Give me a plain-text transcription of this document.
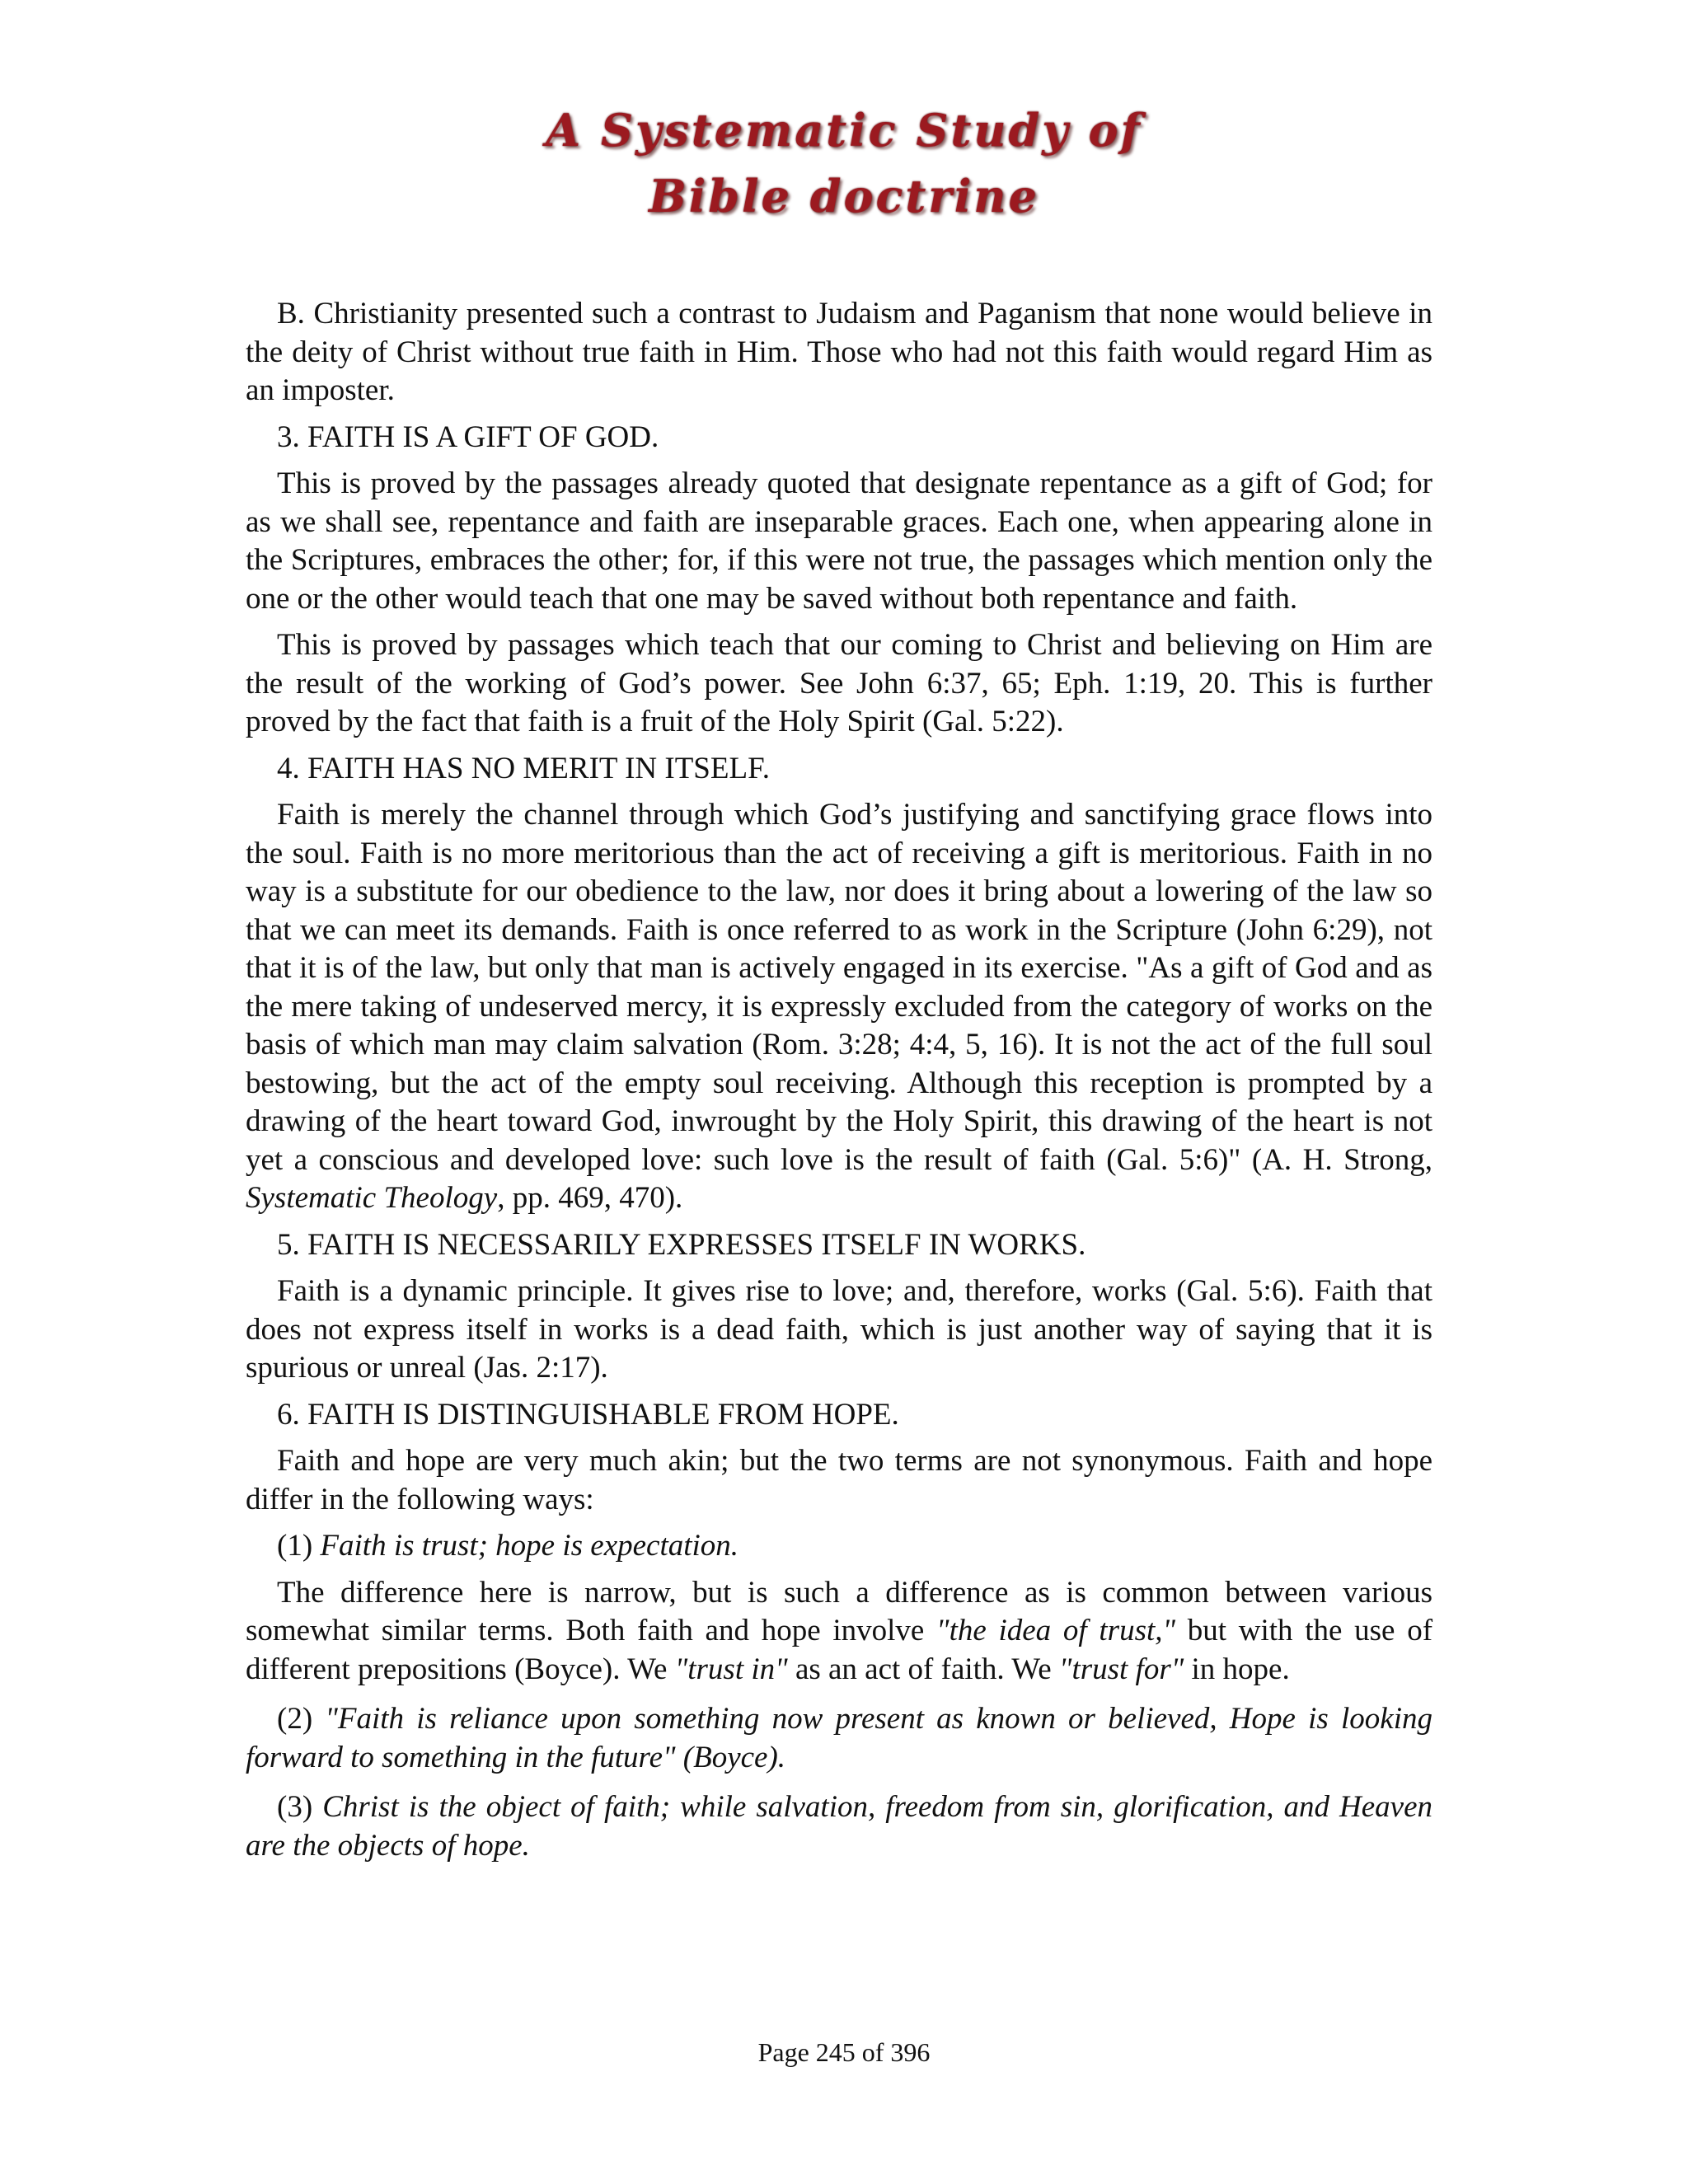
A Systematic Study of
Bible doctrine

B. Christianity presented such a contrast to Judaism and Paganism that none would believe in the deity of Christ without true faith in Him. Those who had not this faith would regard Him as an imposter.

3. FAITH IS A GIFT OF GOD.

This is proved by the passages already quoted that designate repentance as a gift of God; for as we shall see, repentance and faith are inseparable graces. Each one, when appearing alone in the Scriptures, embraces the other; for, if this were not true, the passages which mention only the one or the other would teach that one may be saved without both repentance and faith.

This is proved by passages which teach that our coming to Christ and believing on Him are the result of the working of God’s power. See John 6:37, 65; Eph. 1:19, 20. This is further proved by the fact that faith is a fruit of the Holy Spirit (Gal. 5:22).

4. FAITH HAS NO MERIT IN ITSELF.

Faith is merely the channel through which God’s justifying and sanctifying grace flows into the soul. Faith is no more meritorious than the act of receiving a gift is meritorious. Faith in no way is a substitute for our obedience to the law, nor does it bring about a lowering of the law so that we can meet its demands. Faith is once referred to as work in the Scripture (John 6:29), not that it is of the law, but only that man is actively engaged in its exercise. "As a gift of God and as the mere taking of undeserved mercy, it is expressly excluded from the category of works on the basis of which man may claim salvation (Rom. 3:28; 4:4, 5, 16). It is not the act of the full soul bestowing, but the act of the empty soul receiving. Although this reception is prompted by a drawing of the heart toward God, inwrought by the Holy Spirit, this drawing of the heart is not yet a conscious and developed love: such love is the result of faith (Gal. 5:6)" (A. H. Strong, Systematic Theology, pp. 469, 470).

5. FAITH IS NECESSARILY EXPRESSES ITSELF IN WORKS.

Faith is a dynamic principle. It gives rise to love; and, therefore, works (Gal. 5:6). Faith that does not express itself in works is a dead faith, which is just another way of saying that it is spurious or unreal (Jas. 2:17).

6. FAITH IS DISTINGUISHABLE FROM HOPE.

Faith and hope are very much akin; but the two terms are not synonymous. Faith and hope differ in the following ways:

(1) Faith is trust; hope is expectation.

The difference here is narrow, but is such a difference as is common between various somewhat similar terms. Both faith and hope involve "the idea of trust," but with the use of different prepositions (Boyce). We "trust in" as an act of faith. We "trust for" in hope.

(2) "Faith is reliance upon something now present as known or believed, Hope is looking forward to something in the future" (Boyce).

(3) Christ is the object of faith; while salvation, freedom from sin, glorification, and Heaven are the objects of hope.

Page 245 of 396
